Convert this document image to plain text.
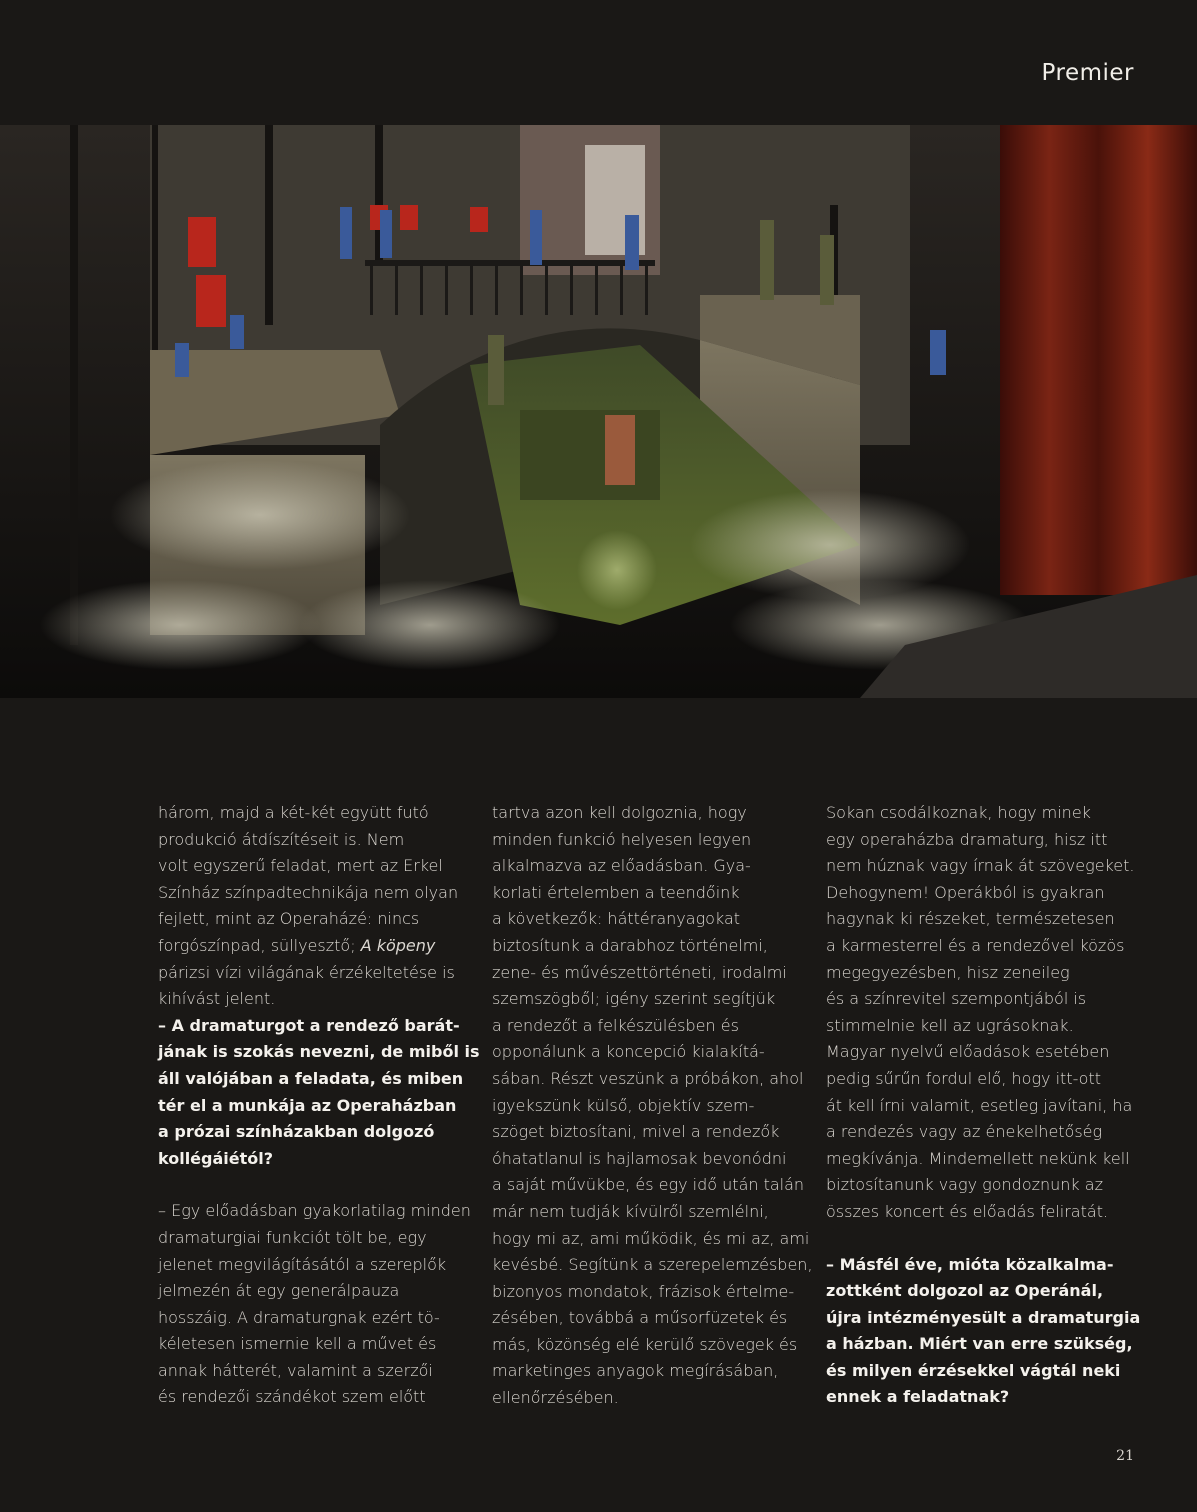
Premier

három, majd a két-két együtt futó
produkció átdíszítéseit is. Nem
volt egyszerű feladat, mert az Erkel
Színház színpadtechnikája nem olyan
fejlett, mint az Operaházé: nincs
forgószínpad, süllyesztő; A köpeny
párizsi vízi világának érzékeltetése is
kihívást jelent.

– A dramaturgot a rendező barát-
jának is szokás nevezni, de miből is
áll valójában a feladata, és miben
tér el a munkája az Operaházban
a prózai színházakban dolgozó
kollégáiétól?

– Egy előadásban gyakorlatilag minden
dramaturgiai funkciót tölt be, egy
jelenet megvilágításától a szereplők
jelmezén át egy generálpauza
hosszáig. A dramaturgnak ezért tö-
kéletesen ismernie kell a művet és
annak hátterét, valamint a szerzői
és rendezői szándékot szem előtt

tartva azon kell dolgoznia, hogy
minden funkció helyesen legyen
alkalmazva az előadásban. Gya-
korlati értelemben a teendőink
a következők: háttéranyagokat
biztosítunk a darabhoz történelmi,
zene- és művészettörténeti, irodalmi
szemszögből; igény szerint segítjük
a rendezőt a felkészülésben és
opponálunk a koncepció kialakítá-
sában. Részt veszünk a próbákon, ahol
igyekszünk külső, objektív szem-
szöget biztosítani, mivel a rendezők
óhatatlanul is hajlamosak bevonódni
a saját művükbe, és egy idő után talán
már nem tudják kívülről szemlélni,
hogy mi az, ami működik, és mi az, ami
kevésbé. Segítünk a szerepelemzésben,
bizonyos mondatok, frázisok értelme-
zésében, továbbá a műsorfüzetek és
más, közönség elé kerülő szövegek és
marketinges anyagok megírásában,
ellenőrzésében.

Sokan csodálkoznak, hogy minek
egy operaházba dramaturg, hisz itt
nem húznak vagy írnak át szövegeket.
Dehogynem! Operákból is gyakran
hagynak ki részeket, természetesen
a karmesterrel és a rendezővel közös
megegyezésben, hisz zeneileg
és a színrevitel szempontjából is
stimmelnie kell az ugrásoknak.
Magyar nyelvű előadások esetében
pedig sűrűn fordul elő, hogy itt-ott
át kell írni valamit, esetleg javítani, ha
a rendezés vagy az énekelhetőség
megkívánja. Mindemellett nekünk kell
biztosítanunk vagy gondoznunk az
összes koncert és előadás feliratát.

– Másfél éve, mióta közalkalma-
zottként dolgozol az Operánál,
újra intézményesült a dramaturgia
a házban. Miért van erre szükség,
és milyen érzésekkel vágtál neki
ennek a feladatnak?

21
